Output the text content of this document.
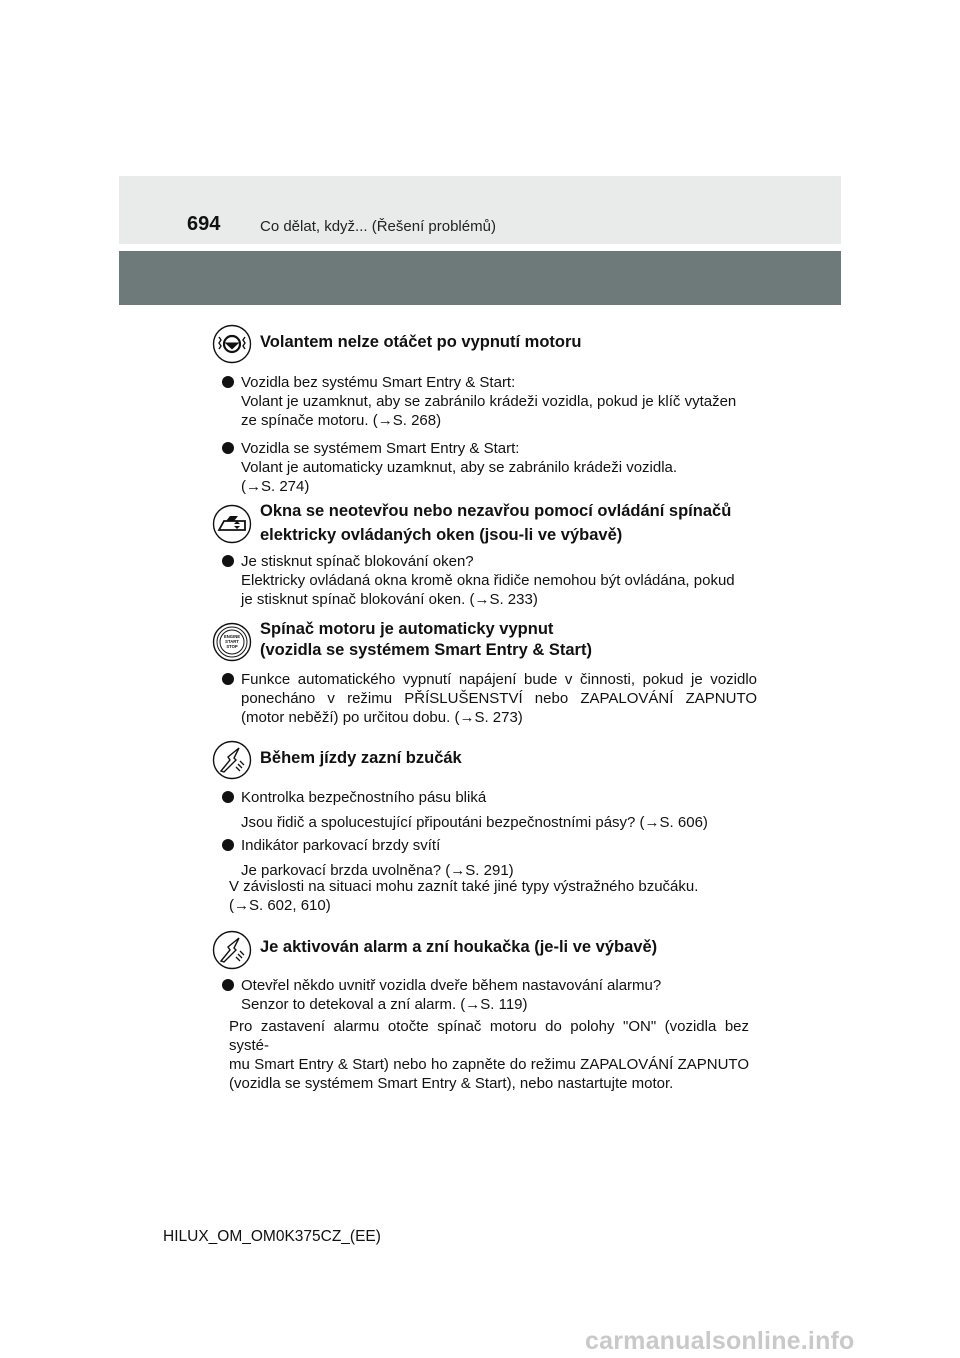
694	Co dělat, když... (Řešení problémů)
Volantem nelze otáčet po vypnutí motoru
Vozidla bez systému Smart Entry & Start:
Volant je uzamknut, aby se zabránilo krádeži vozidla, pokud je klíč vytažen
ze spínače motoru. (→S. 268)
Vozidla se systémem Smart Entry & Start:
Volant je automaticky uzamknut, aby se zabránilo krádeži vozidla.
(→S. 274)
Okna se neotevřou nebo nezavřou pomocí ovládání spínačů
elektricky ovládaných oken (jsou-li ve výbavě)
Je stisknut spínač blokování oken?
Elektricky ovládaná okna kromě okna řidiče nemohou být ovládána, pokud
je stisknut spínač blokování oken. (→S. 233)
ENGINE
START
STOP
Spínač motoru je automaticky vypnut
(vozidla se systémem Smart Entry & Start)
Funkce automatického vypnutí napájení bude v činnosti, pokud je vozidlo
ponecháno v režimu PŘÍSLUŠENSTVÍ nebo ZAPALOVÁNÍ ZAPNUTO
(motor neběží) po určitou dobu. (→S. 273)
Během jízdy zazní bzučák
Kontrolka bezpečnostního pásu bliká
Jsou řidič a spolucestující připoutáni bezpečnostními pásy? (→S. 606)
Indikátor parkovací brzdy svítí
Je parkovací brzda uvolněna? (→S. 291)
V závislosti na situaci mohu zaznít také jiné typy výstražného bzučáku.
(→S. 602, 610)
Je aktivován alarm a zní houkačka (je-li ve výbavě)
Otevřel někdo uvnitř vozidla dveře během nastavování alarmu?
Senzor to detekoval a zní alarm. (→S. 119)
Pro zastavení alarmu otočte spínač motoru do polohy "ON" (vozidla bez systé-
mu Smart Entry & Start) nebo ho zapněte do režimu ZAPALOVÁNÍ ZAPNUTO
(vozidla se systémem Smart Entry & Start), nebo nastartujte motor.
HILUX_OM_OM0K375CZ_(EE)
carmanualsonline.info
